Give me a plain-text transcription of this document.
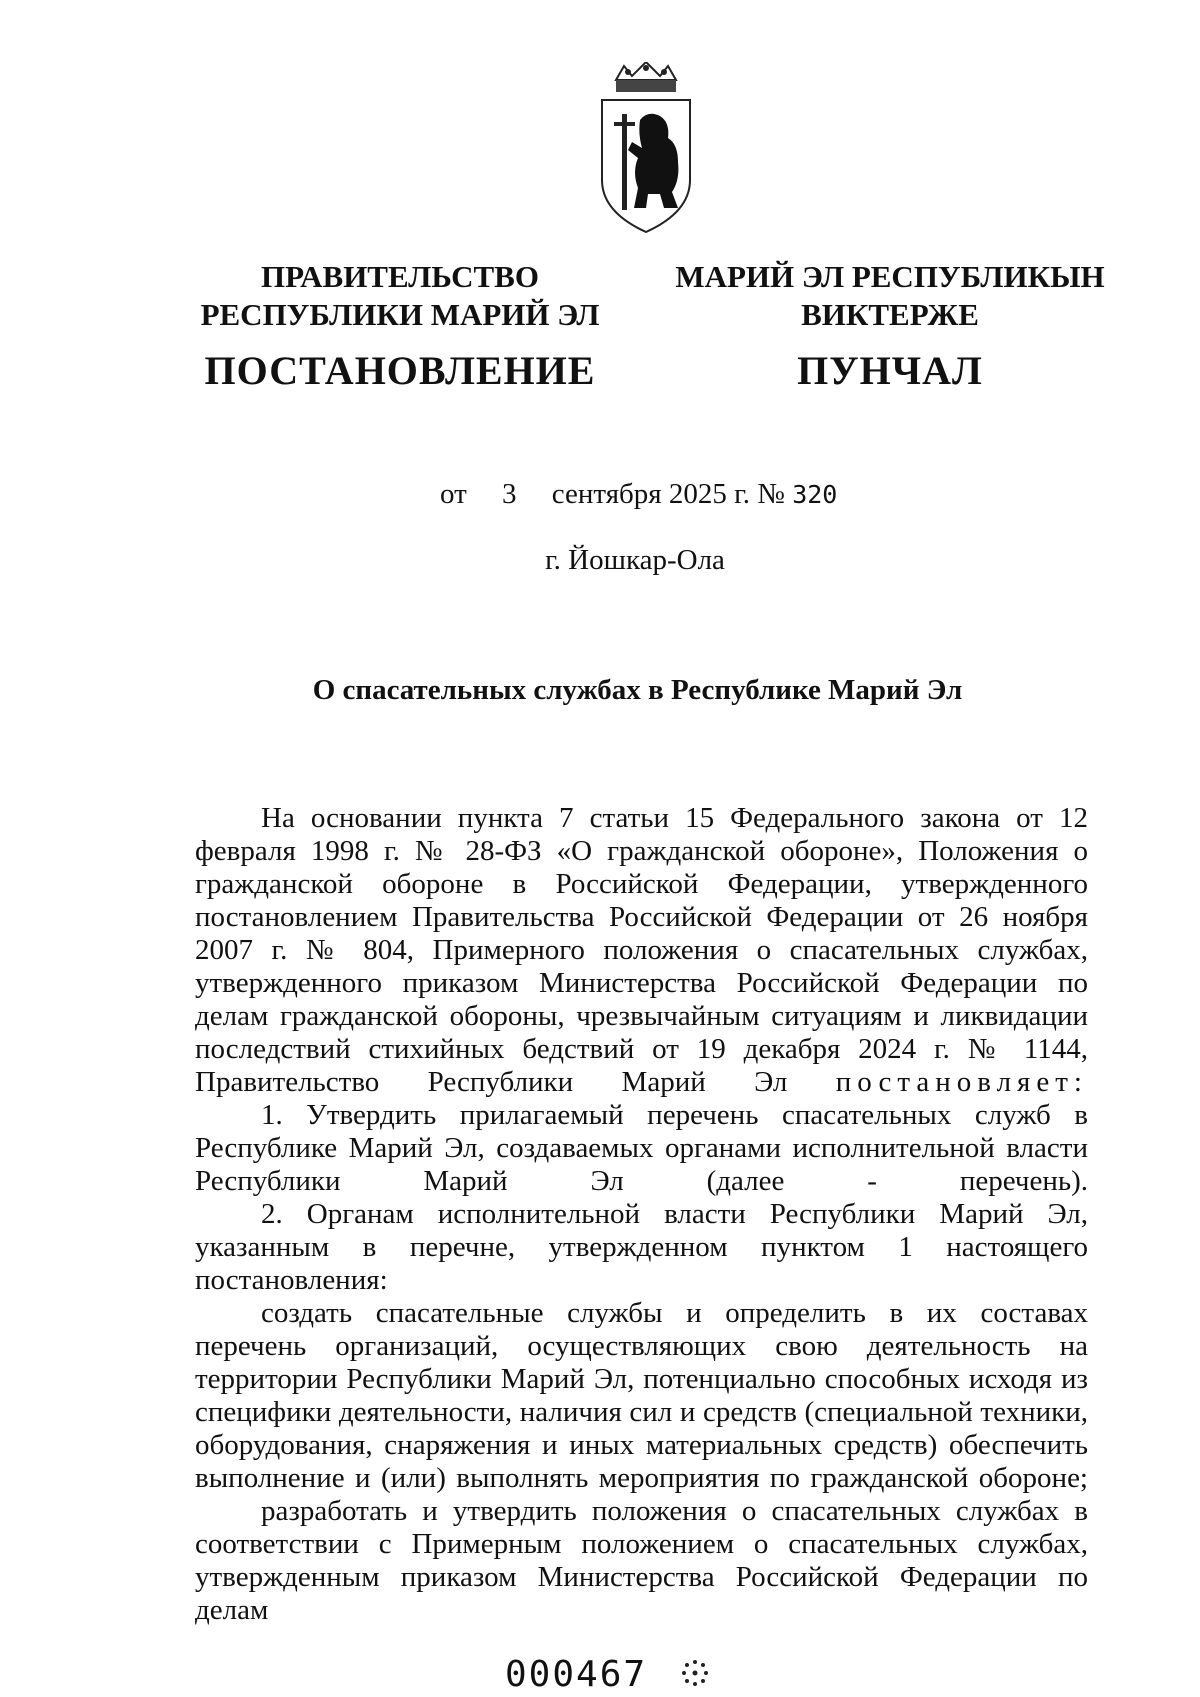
ПРАВИТЕЛЬСТВО
РЕСПУБЛИКИ МАРИЙ ЭЛ
ПОСТАНОВЛЕНИЕ
МАРИЙ ЭЛ РЕСПУБЛИКЫН
ВИКТЕРЖЕ
ПУНЧАЛ
от 3 сентября 2025 г. № 320
г. Йошкар-Ола
О спасательных службах в Республике Марий Эл

На основании пункта 7 статьи 15 Федерального закона от 12 февраля 1998 г. № 28-ФЗ «О гражданской обороне», Положения о гражданской обороне в Российской Федерации, утвержденного постановлением Правительства Российской Федерации от 26 ноября 2007 г. № 804, Примерного положения о спасательных службах, утвержденного приказом Министерства Российской Федерации по делам гражданской обороны, чрезвычайным ситуациям и ликвидации последствий стихийных бедствий от 19 декабря 2024 г. № 1144, Правительство Республики Марий Эл постановляет:

1. Утвердить прилагаемый перечень спасательных служб в Республике Марий Эл, создаваемых органами исполнительной власти Республики Марий Эл (далее - перечень).

2. Органам исполнительной власти Республики Марий Эл, указанным в перечне, утвержденном пунктом 1 настоящего постановления:

создать спасательные службы и определить в их составах перечень организаций, осуществляющих свою деятельность на территории Республики Марий Эл, потенциально способных исходя из специфики деятельности, наличия сил и средств (специальной техники, оборудования, снаряжения и иных материальных средств) обеспечить выполнение и (или) выполнять мероприятия по гражданской обороне;

разработать и утвердить положения о спасательных службах в соответствии с Примерным положением о спасательных службах, утвержденным приказом Министерства Российской Федерации по делам

000467
